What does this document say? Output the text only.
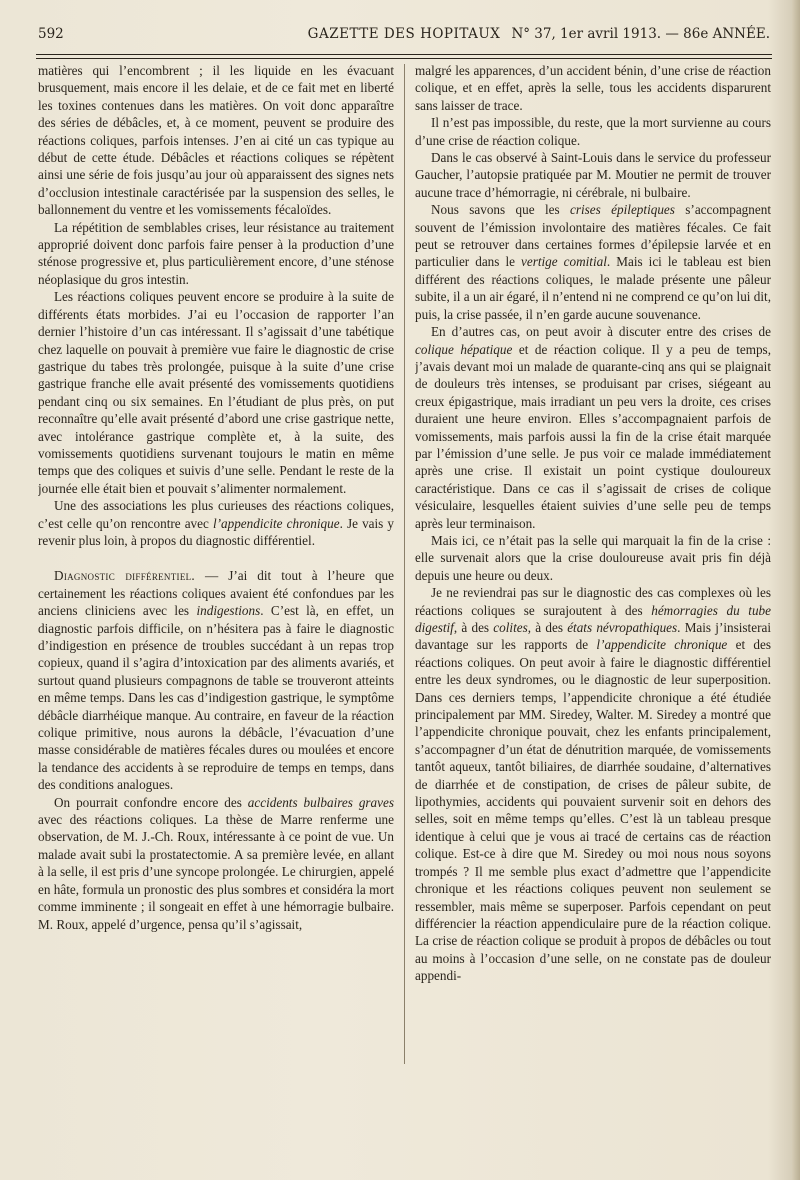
592	GAZETTE DES HOPITAUX N° 37, 1er avril 1913. — 86e ANNÉE.

matières qui l’encombrent ; il les liquide en les évacuant brusquement, mais encore il les delaie, et de ce fait met en liberté les toxines contenues dans les matières. On voit donc apparaître des séries de débâcles, et, à ce moment, peuvent se produire des réactions coliques, parfois intenses. J’en ai cité un cas typique au début de cette étude. Débâcles et réactions coliques se répètent ainsi une série de fois jusqu’au jour où apparaissent des signes nets d’occlusion intestinale caractérisée par la suspension des selles, le ballonnement du ventre et les vomissements fécaloïdes.

La répétition de semblables crises, leur résistance au traitement approprié doivent donc parfois faire penser à la production d’une sténose progressive et, plus particulièrement encore, d’une sténose néoplasique du gros intestin.

Les réactions coliques peuvent encore se produire à la suite de différents états morbides. J’ai eu l’occasion de rapporter l’an dernier l’histoire d’un cas intéressant. Il s’agissait d’une tabétique chez laquelle on pouvait à première vue faire le diagnostic de crise gastrique du tabes très prolongée, puisque à la suite d’une crise gastrique franche elle avait présenté des vomissements quotidiens pendant cinq ou six semaines. En l’étudiant de plus près, on put reconnaître qu’elle avait présenté d’abord une crise gastrique nette, avec intolérance gastrique complète et, à la suite, des vomissements quotidiens survenant toujours le matin en même temps que des coliques et suivis d’une selle. Pendant le reste de la journée elle était bien et pouvait s’alimenter normalement.

Une des associations les plus curieuses des réactions coliques, c’est celle qu’on rencontre avec l’appendicite chronique. Je vais y revenir plus loin, à propos du diagnostic différentiel.

Diagnostic différentiel. — J’ai dit tout à l’heure que certainement les réactions coliques avaient été confondues par les anciens cliniciens avec les indigestions. C’est là, en effet, un diagnostic parfois difficile, on n’hésitera pas à faire le diagnostic d’indigestion en présence de troubles succédant à un repas trop copieux, quand il s’agira d’intoxication par des aliments avariés, et surtout quand plusieurs compagnons de table se trouveront atteints en même temps. Dans les cas d’indigestion gastrique, le symptôme débâcle diarrhéique manque. Au contraire, en faveur de la réaction colique primitive, nous aurons la débâcle, l’évacuation d’une masse considérable de matières fécales dures ou moulées et encore la tendance des accidents à se reproduire de temps en temps, dans des conditions analogues.

On pourrait confondre encore des accidents bulbaires graves avec des réactions coliques. La thèse de Marre renferme une observation, de M. J.-Ch. Roux, intéressante à ce point de vue. Un malade avait subi la prostatectomie. A sa première levée, en allant à la selle, il est pris d’une syncope prolongée. Le chirurgien, appelé en hâte, formula un pronostic des plus sombres et considéra la mort comme imminente ; il songeait en effet à une hémorragie bulbaire. M. Roux, appelé d’urgence, pensa qu’il s’agissait,

malgré les apparences, d’un accident bénin, d’une crise de réaction colique, et en effet, après la selle, tous les accidents disparurent sans laisser de trace.

Il n’est pas impossible, du reste, que la mort survienne au cours d’une crise de réaction colique.

Dans le cas observé à Saint-Louis dans le service du professeur Gaucher, l’autopsie pratiquée par M. Moutier ne permit de trouver aucune trace d’hémorragie, ni cérébrale, ni bulbaire.

Nous savons que les crises épileptiques s’accompagnent souvent de l’émission involontaire des matières fécales. Ce fait peut se retrouver dans certaines formes d’épilepsie larvée et en particulier dans le vertige comitial. Mais ici le tableau est bien différent des réactions coliques, le malade présente une pâleur subite, il a un air égaré, il n’entend ni ne comprend ce qu’on lui dit, puis, la crise passée, il n’en garde aucune souvenance.

En d’autres cas, on peut avoir à discuter entre des crises de colique hépatique et de réaction colique. Il y a peu de temps, j’avais devant moi un malade de quarante-cinq ans qui se plaignait de douleurs très intenses, se produisant par crises, siégeant au creux épigastrique, mais irradiant un peu vers la droite, ces crises duraient une heure environ. Elles s’accompagnaient parfois de vomissements, mais parfois aussi la fin de la crise était marquée par l’émission d’une selle. Je pus voir ce malade immédiatement après une crise. Il existait un point cystique douloureux caractéristique. Dans ce cas il s’agissait de crises de colique vésiculaire, lesquelles étaient suivies d’une selle peu de temps après leur terminaison.

Mais ici, ce n’était pas la selle qui marquait la fin de la crise : elle survenait alors que la crise douloureuse avait pris fin déjà depuis une heure ou deux.

Je ne reviendrai pas sur le diagnostic des cas complexes où les réactions coliques se surajoutent à des hémorragies du tube digestif, à des colites, à des états névropathiques. Mais j’insisterai davantage sur les rapports de l’appendicite chronique et des réactions coliques. On peut avoir à faire le diagnostic différentiel entre les deux syndromes, ou le diagnostic de leur superposition. Dans ces derniers temps, l’appendicite chronique a été étudiée principalement par MM. Siredey, Walter. M. Siredey a montré que l’appendicite chronique pouvait, chez les enfants principalement, s’accompagner d’un état de dénutrition marquée, de vomissements tantôt aqueux, tantôt biliaires, de diarrhée soudaine, d’alternatives de diarrhée et de constipation, de crises de pâleur subite, de lipothymies, accidents qui pouvaient survenir soit en dehors des selles, soit en même temps qu’elles. C’est là un tableau presque identique à celui que je vous ai tracé de certains cas de réaction colique. Est-ce à dire que M. Siredey ou moi nous nous soyons trompés ? Il me semble plus exact d’admettre que l’appendicite chronique et les réactions coliques peuvent non seulement se ressembler, mais même se superposer. Parfois cependant on peut différencier la réaction appendiculaire pure de la réaction colique. La crise de réaction colique se produit à propos de débâcles ou tout au moins à l’occasion d’une selle, on ne constate pas de douleur appendi-
